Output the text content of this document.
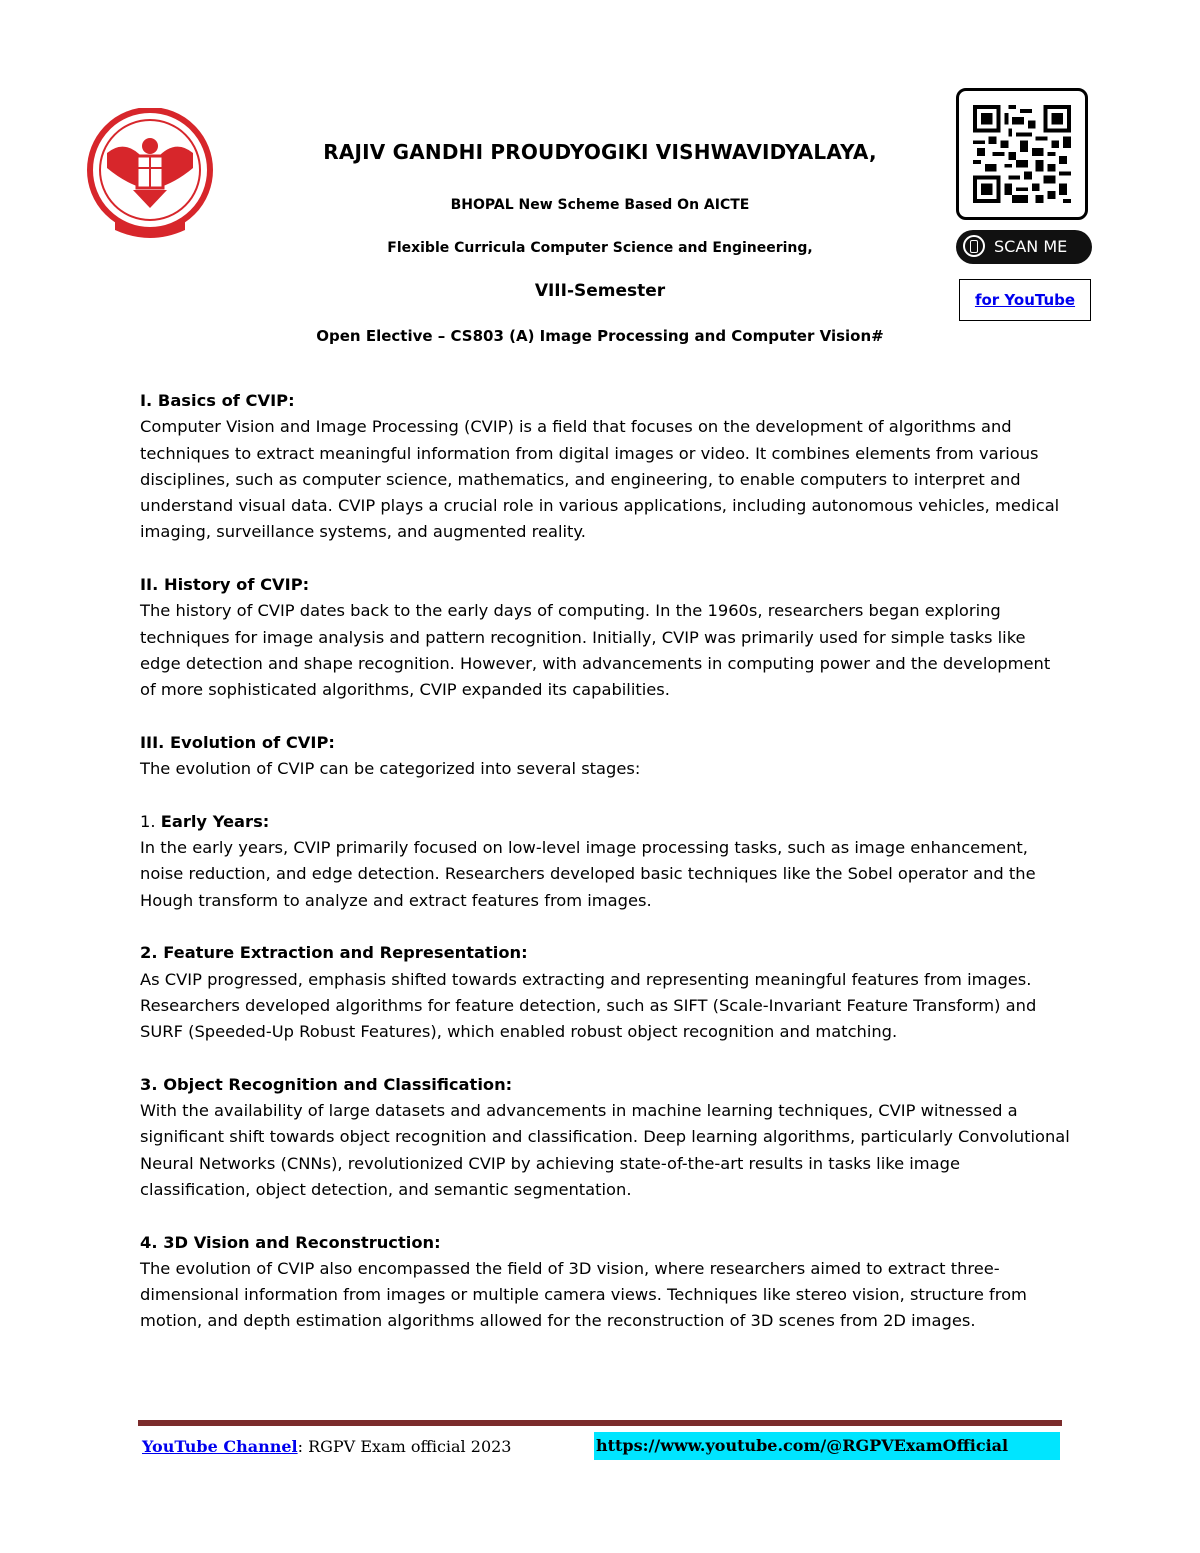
RAJIV GANDHI PROUDYOGIKI VISHWAVIDYALAYA,
BHOPAL New Scheme Based On AICTE
Flexible Curricula Computer Science and Engineering,
VIII-Semester
Open Elective – CS803 (A) Image Processing and Computer Vision#
SCAN ME
for YouTube

I. Basics of CVIP:
Computer Vision and Image Processing (CVIP) is a field that focuses on the development of algorithms and techniques to extract meaningful information from digital images or video. It combines elements from various disciplines, such as computer science, mathematics, and engineering, to enable computers to interpret and understand visual data. CVIP plays a crucial role in various applications, including autonomous vehicles, medical imaging, surveillance systems, and augmented reality.

II. History of CVIP:
The history of CVIP dates back to the early days of computing. In the 1960s, researchers began exploring techniques for image analysis and pattern recognition. Initially, CVIP was primarily used for simple tasks like edge detection and shape recognition. However, with advancements in computing power and the development of more sophisticated algorithms, CVIP expanded its capabilities.

III. Evolution of CVIP:
The evolution of CVIP can be categorized into several stages:

1. Early Years:
In the early years, CVIP primarily focused on low-level image processing tasks, such as image enhancement, noise reduction, and edge detection. Researchers developed basic techniques like the Sobel operator and the Hough transform to analyze and extract features from images.

2. Feature Extraction and Representation:
As CVIP progressed, emphasis shifted towards extracting and representing meaningful features from images. Researchers developed algorithms for feature detection, such as SIFT (Scale-Invariant Feature Transform) and SURF (Speeded-Up Robust Features), which enabled robust object recognition and matching.

3. Object Recognition and Classification:
With the availability of large datasets and advancements in machine learning techniques, CVIP witnessed a significant shift towards object recognition and classification. Deep learning algorithms, particularly Convolutional Neural Networks (CNNs), revolutionized CVIP by achieving state-of-the-art results in tasks like image classification, object detection, and semantic segmentation.

4. 3D Vision and Reconstruction:
The evolution of CVIP also encompassed the field of 3D vision, where researchers aimed to extract three-dimensional information from images or multiple camera views. Techniques like stereo vision, structure from motion, and depth estimation algorithms allowed for the reconstruction of 3D scenes from 2D images.

YouTube Channel: RGPV Exam official 2023	https://www.youtube.com/@RGPVExamOfficial
